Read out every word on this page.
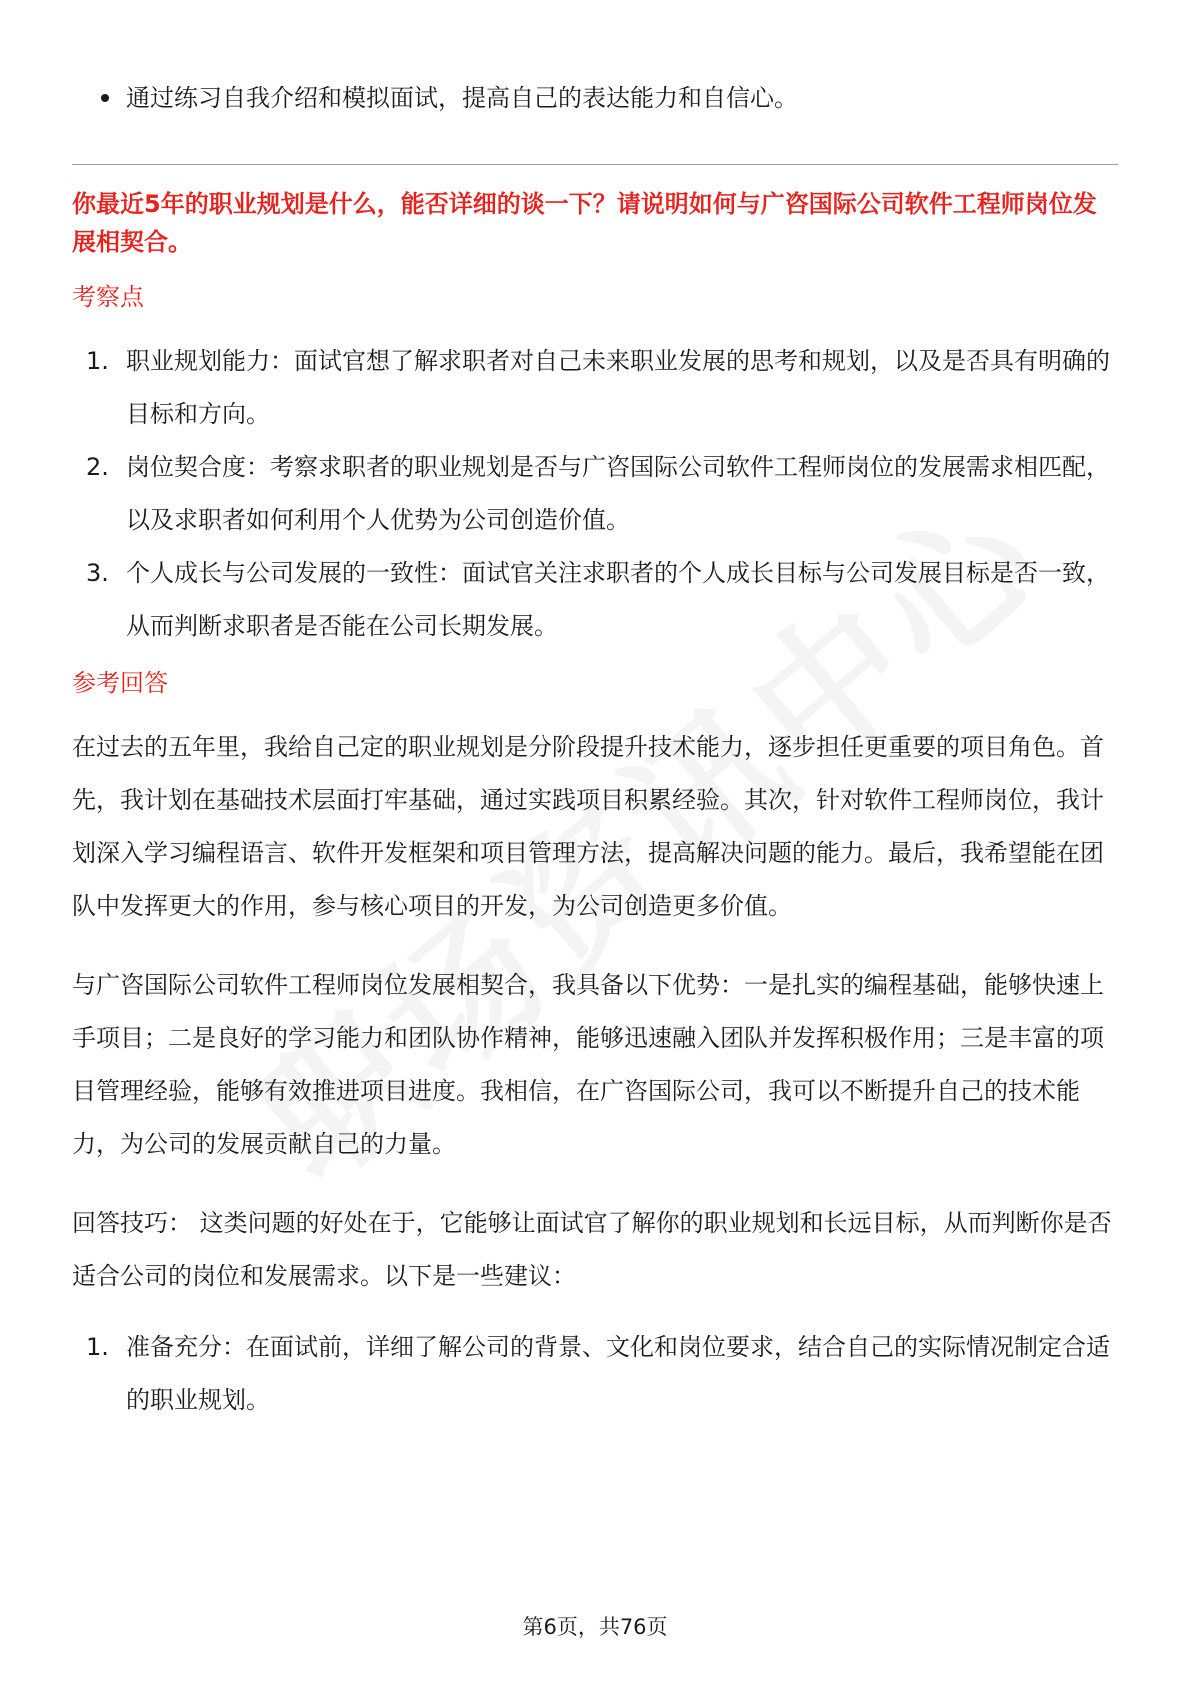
通过练习自我介绍和模拟面试，提高自己的表达能力和自信心。
你最近5年的职业规划是什么，能否详细的谈一下？请说明如何与广咨国际公司软件工程师岗位发展相契合。
考察点
1. 职业规划能力：面试官想了解求职者对自己未来职业发展的思考和规划，以及是否具有明确的目标和方向。
2. 岗位契合度：考察求职者的职业规划是否与广咨国际公司软件工程师岗位的发展需求相匹配，以及求职者如何利用个人优势为公司创造价值。
3. 个人成长与公司发展的一致性：面试官关注求职者的个人成长目标与公司发展目标是否一致，从而判断求职者是否能在公司长期发展。
参考回答

在过去的五年里，我给自己定的职业规划是分阶段提升技术能力，逐步担任更重要的项目角色。首先，我计划在基础技术层面打牢基础，通过实践项目积累经验。其次，针对软件工程师岗位，我计划深入学习编程语言、软件开发框架和项目管理方法，提高解决问题的能力。最后，我希望能在团队中发挥更大的作用，参与核心项目的开发，为公司创造更多价值。

与广咨国际公司软件工程师岗位发展相契合，我具备以下优势：一是扎实的编程基础，能够快速上手项目；二是良好的学习能力和团队协作精神，能够迅速融入团队并发挥积极作用；三是丰富的项目管理经验，能够有效推进项目进度。我相信，在广咨国际公司，我可以不断提升自己的技术能力，为公司的发展贡献自己的力量。

回答技巧： 这类问题的好处在于，它能够让面试官了解你的职业规划和长远目标，从而判断你是否适合公司的岗位和发展需求。以下是一些建议：

1. 准备充分：在面试前，详细了解公司的背景、文化和岗位要求，结合自己的实际情况制定合适的职业规划。
第6页，共76页
